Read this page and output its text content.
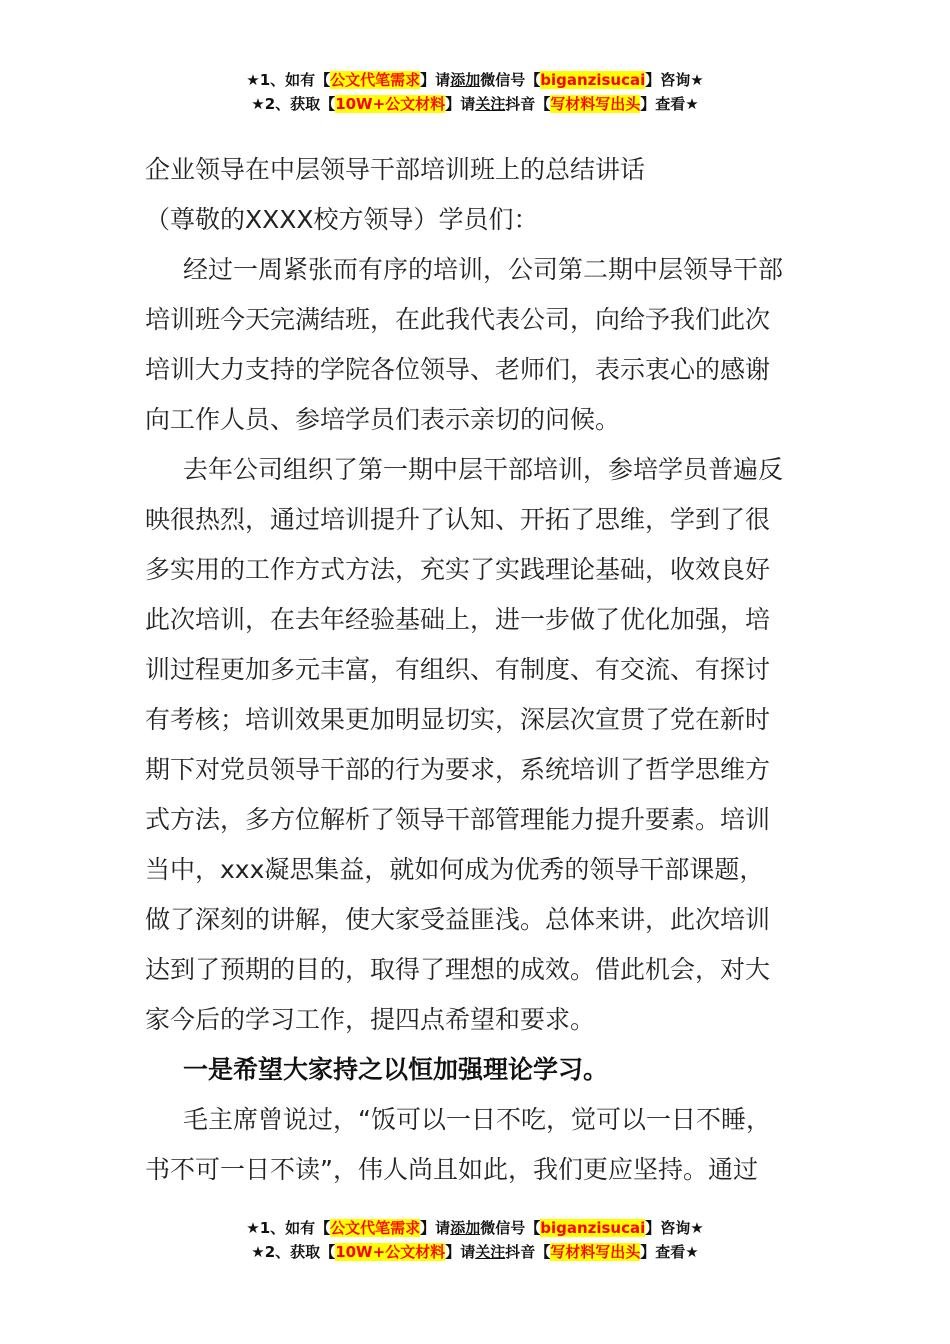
★1、如有【公文代笔需求】请添加微信号【biganzisucai】咨询★
★2、获取【10W+公文材料】请关注抖音【写材料写出头】查看★

企业领导在中层领导干部培训班上的总结讲话

（尊敬的XXXX校方领导）学员们：

经过一周紧张而有序的培训，公司第二期中层领导干部

培训班今天完满结班，在此我代表公司，向给予我们此次

培训大力支持的学院各位领导、老师们，表示衷心的感谢

向工作人员、参培学员们表示亲切的问候。

去年公司组织了第一期中层干部培训，参培学员普遍反

映很热烈，通过培训提升了认知、开拓了思维，学到了很

多实用的工作方式方法，充实了实践理论基础，收效良好

此次培训，在去年经验基础上，进一步做了优化加强，培

训过程更加多元丰富，有组织、有制度、有交流、有探讨

有考核；培训效果更加明显切实，深层次宣贯了党在新时

期下对党员领导干部的行为要求，系统培训了哲学思维方

式方法，多方位解析了领导干部管理能力提升要素。培训

当中，xxx凝思集益，就如何成为优秀的领导干部课题，

做了深刻的讲解，使大家受益匪浅。总体来讲，此次培训

达到了预期的目的，取得了理想的成效。借此机会，对大

家今后的学习工作，提四点希望和要求。

一是希望大家持之以恒加强理论学习。

毛主席曾说过，“饭可以一日不吃，觉可以一日不睡，

书不可一日不读”，伟人尚且如此，我们更应坚持。通过

★1、如有【公文代笔需求】请添加微信号【biganzisucai】咨询★
★2、获取【10W+公文材料】请关注抖音【写材料写出头】查看★
